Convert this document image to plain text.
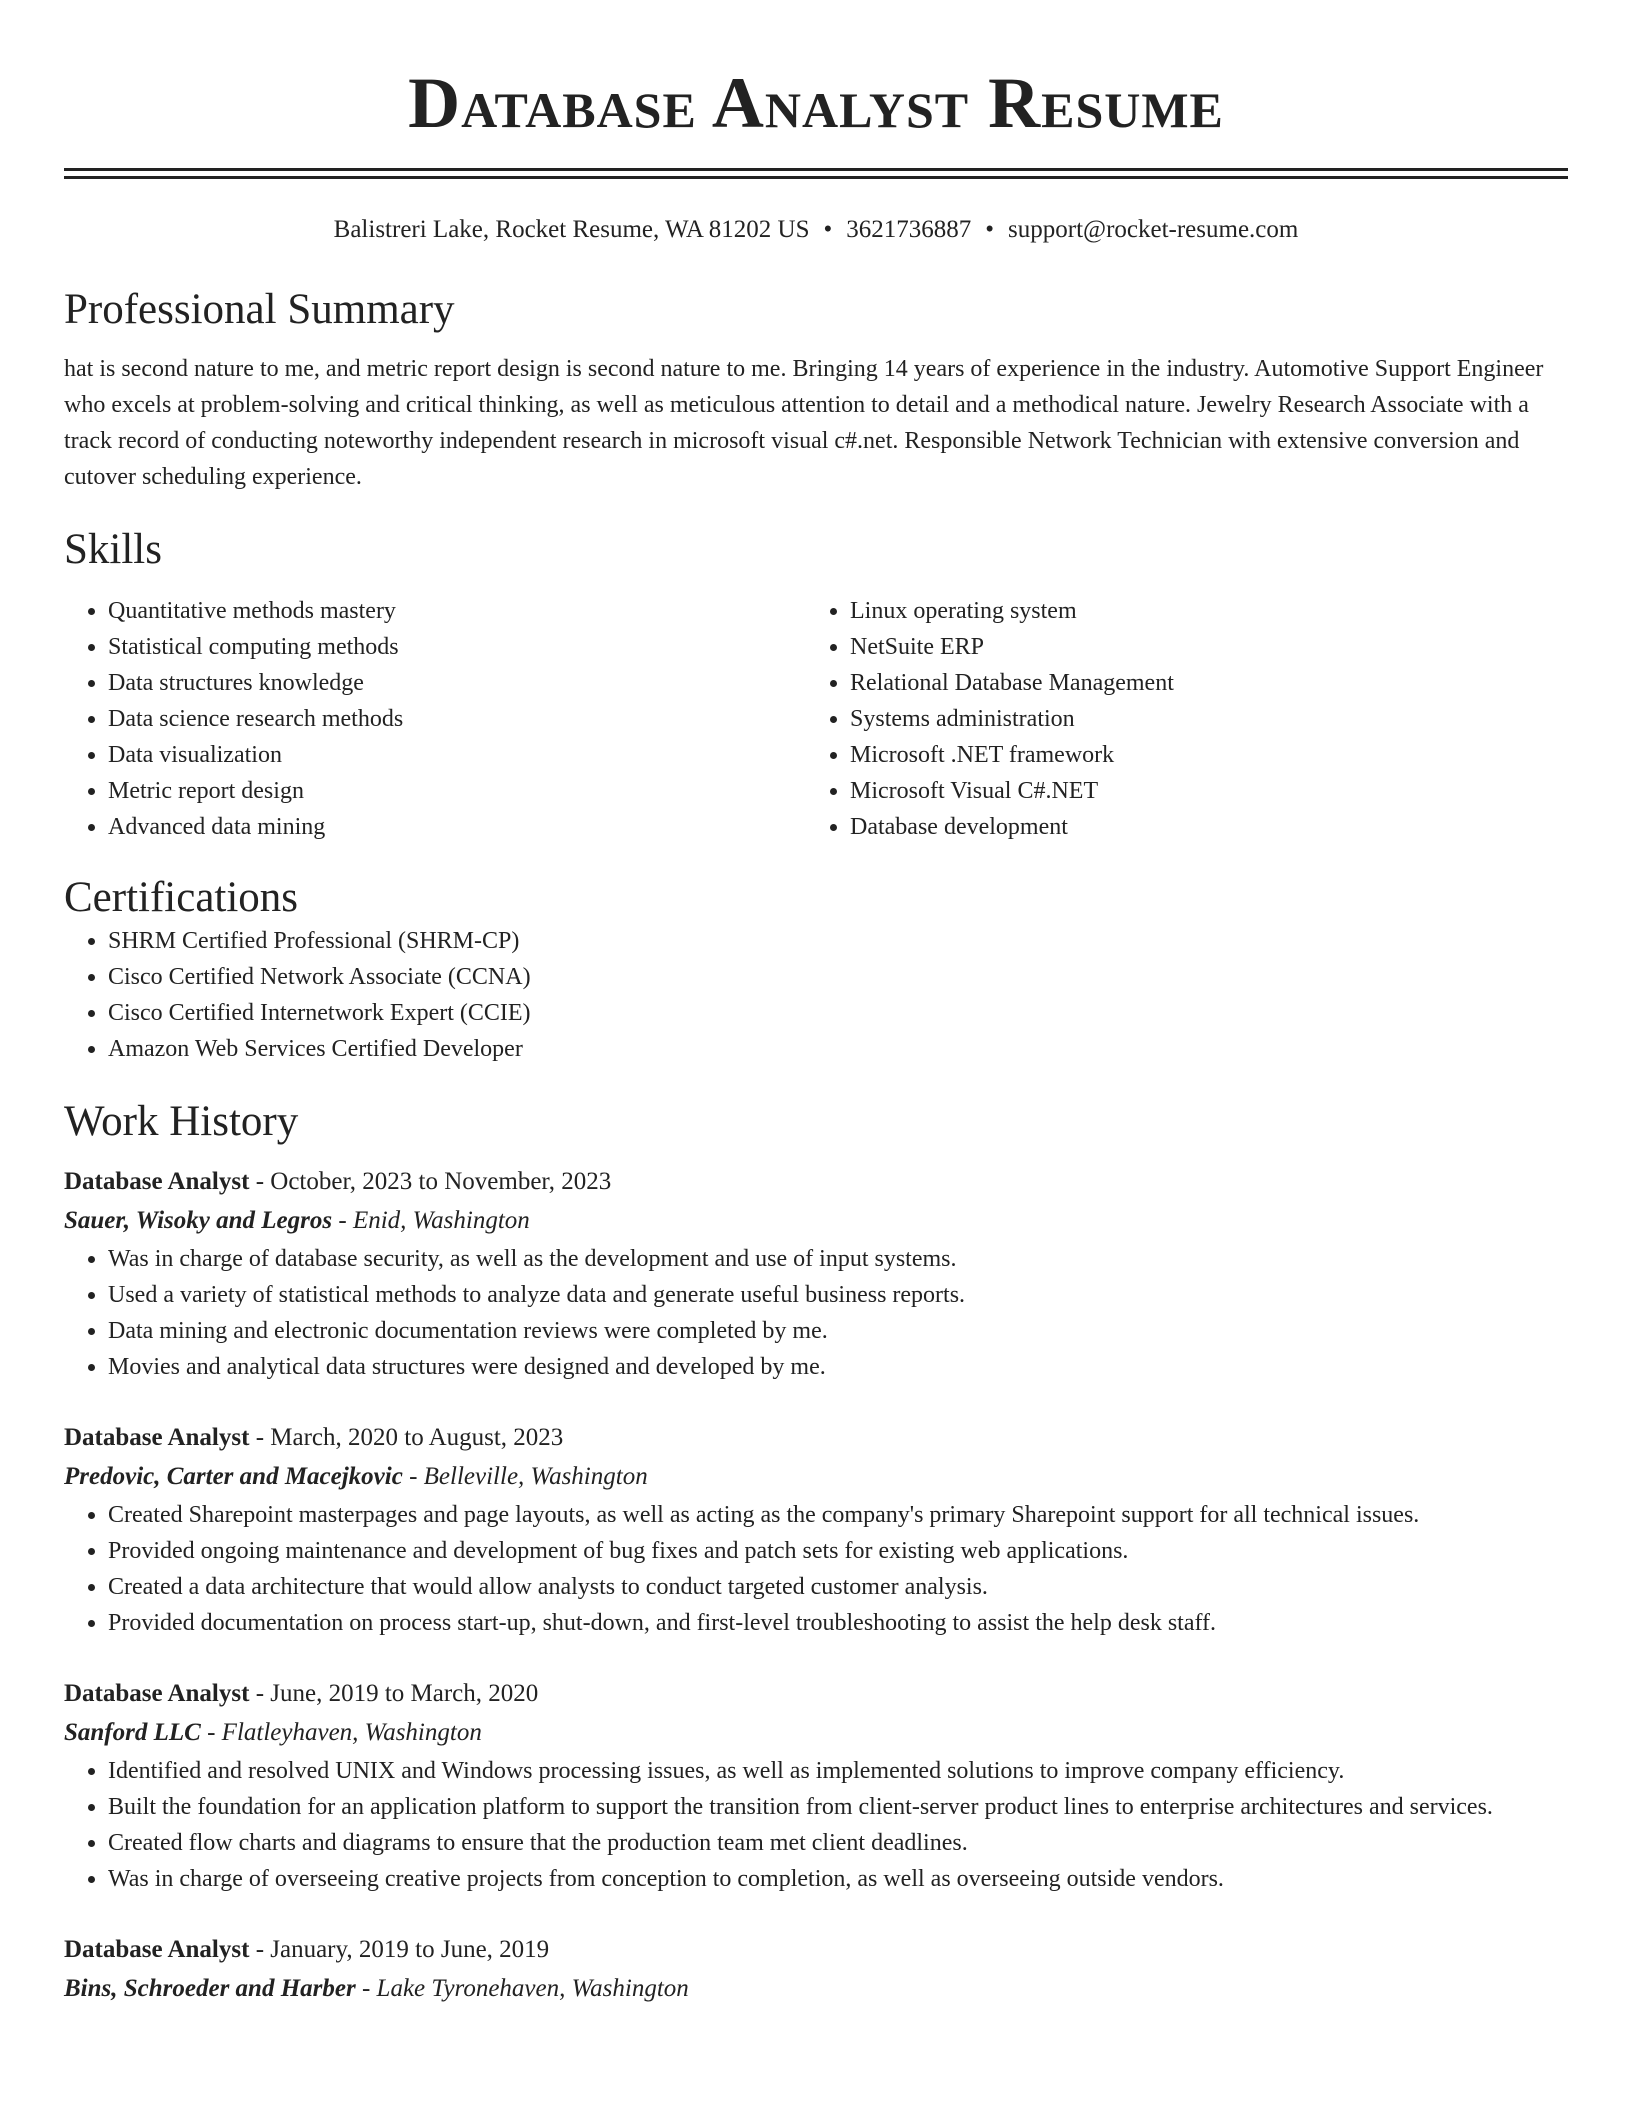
Database Analyst Resume
Balistreri Lake, Rocket Resume, WA 81202 US • 3621736887 • support@rocket-resume.com
Professional Summary

hat is second nature to me, and metric report design is second nature to me. Bringing 14 years of experience in the industry. Automotive Support Engineer who excels at problem-solving and critical thinking, as well as meticulous attention to detail and a methodical nature. Jewelry Research Associate with a track record of conducting noteworthy independent research in microsoft visual c#.net. Responsible Network Technician with extensive conversion and cutover scheduling experience.

Skills
• Quantitative methods mastery
• Statistical computing methods
• Data structures knowledge
• Data science research methods
• Data visualization
• Metric report design
• Advanced data mining
• Linux operating system
• NetSuite ERP
• Relational Database Management
• Systems administration
• Microsoft .NET framework
• Microsoft Visual C#.NET
• Database development
Certifications
• SHRM Certified Professional (SHRM-CP)
• Cisco Certified Network Associate (CCNA)
• Cisco Certified Internetwork Expert (CCIE)
• Amazon Web Services Certified Developer
Work History
Database Analyst - October, 2023 to November, 2023
Sauer, Wisoky and Legros - Enid, Washington
• Was in charge of database security, as well as the development and use of input systems.
• Used a variety of statistical methods to analyze data and generate useful business reports.
• Data mining and electronic documentation reviews were completed by me.
• Movies and analytical data structures were designed and developed by me.
Database Analyst - March, 2020 to August, 2023
Predovic, Carter and Macejkovic - Belleville, Washington
• Created Sharepoint masterpages and page layouts, as well as acting as the company's primary Sharepoint support for all technical issues.
• Provided ongoing maintenance and development of bug fixes and patch sets for existing web applications.
• Created a data architecture that would allow analysts to conduct targeted customer analysis.
• Provided documentation on process start-up, shut-down, and first-level troubleshooting to assist the help desk staff.
Database Analyst - June, 2019 to March, 2020
Sanford LLC - Flatleyhaven, Washington
• Identified and resolved UNIX and Windows processing issues, as well as implemented solutions to improve company efficiency.
• Built the foundation for an application platform to support the transition from client-server product lines to enterprise architectures and services.
• Created flow charts and diagrams to ensure that the production team met client deadlines.
• Was in charge of overseeing creative projects from conception to completion, as well as overseeing outside vendors.
Database Analyst - January, 2019 to June, 2019
Bins, Schroeder and Harber - Lake Tyronehaven, Washington
